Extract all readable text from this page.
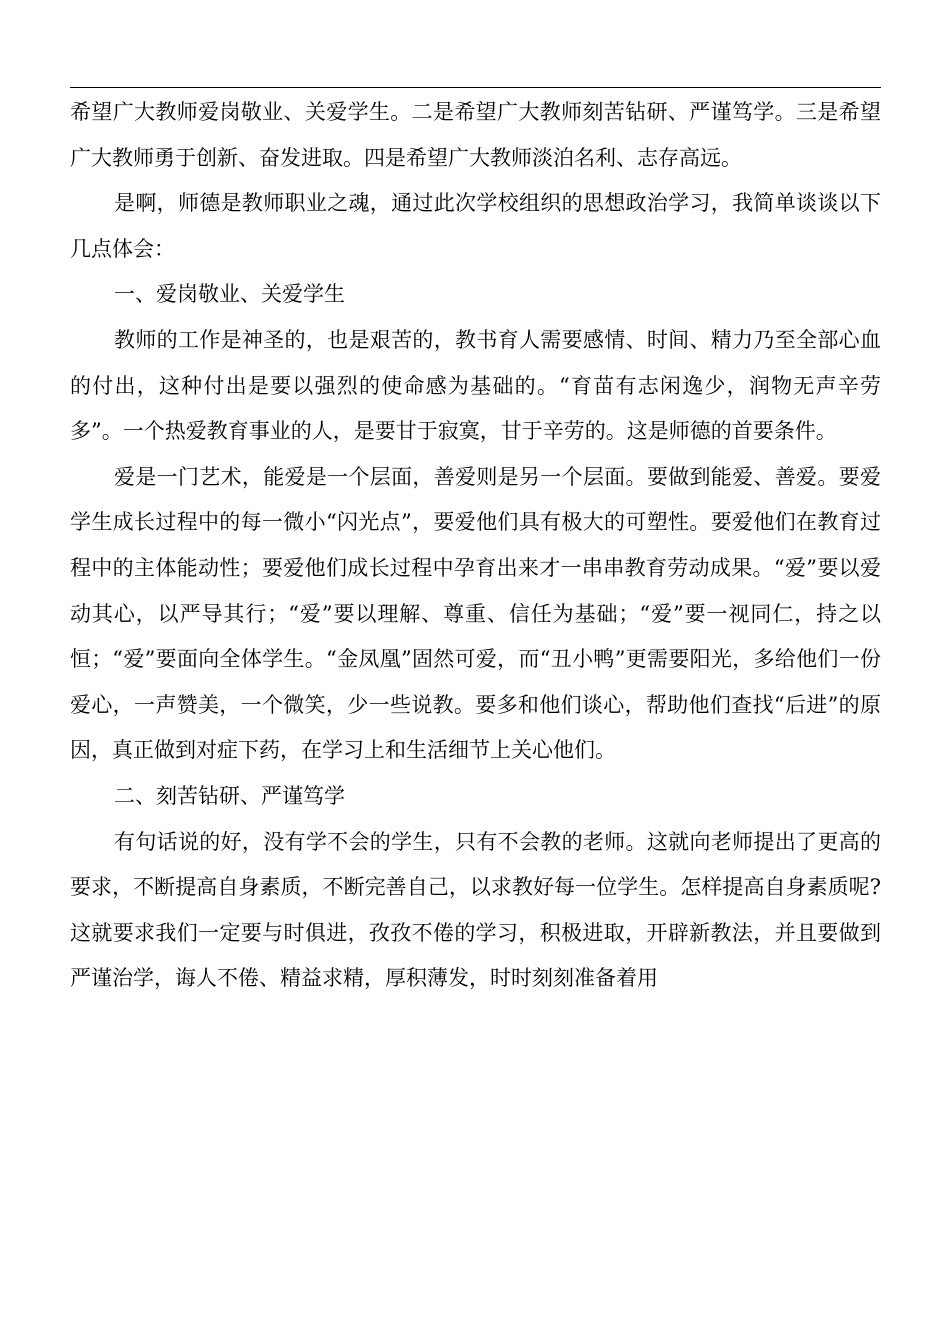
希望广大教师爱岗敬业、关爱学生。二是希望广大教师刻苦钻研、严谨笃学。三是希望广大教师勇于创新、奋发进取。四是希望广大教师淡泊名利、志存高远。

是啊，师德是教师职业之魂，通过此次学校组织的思想政治学习，我简单谈谈以下几点体会：

一、爱岗敬业、关爱学生

教师的工作是神圣的，也是艰苦的，教书育人需要感情、时间、精力乃至全部心血的付出，这种付出是要以强烈的使命感为基础的。“育苗有志闲逸少，润物无声辛劳多”。一个热爱教育事业的人，是要甘于寂寞，甘于辛劳的。这是师德的首要条件。

爱是一门艺术，能爱是一个层面，善爱则是另一个层面。要做到能爱、善爱。要爱学生成长过程中的每一微小“闪光点”，要爱他们具有极大的可塑性。要爱他们在教育过程中的主体能动性；要爱他们成长过程中孕育出来才一串串教育劳动成果。“爱”要以爱动其心，以严导其行；“爱”要以理解、尊重、信任为基础；“爱”要一视同仁，持之以恒；“爱”要面向全体学生。“金凤凰”固然可爱，而“丑小鸭”更需要阳光，多给他们一份爱心，一声赞美，一个微笑，少一些说教。要多和他们谈心，帮助他们查找“后进”的原因，真正做到对症下药，在学习上和生活细节上关心他们。

二、刻苦钻研、严谨笃学

有句话说的好，没有学不会的学生，只有不会教的老师。这就向老师提出了更高的要求，不断提高自身素质，不断完善自己，以求教好每一位学生。怎样提高自身素质呢?这就要求我们一定要与时俱进，孜孜不倦的学习，积极进取，开辟新教法，并且要做到严谨治学，诲人不倦、精益求精，厚积薄发，时时刻刻准备着用
